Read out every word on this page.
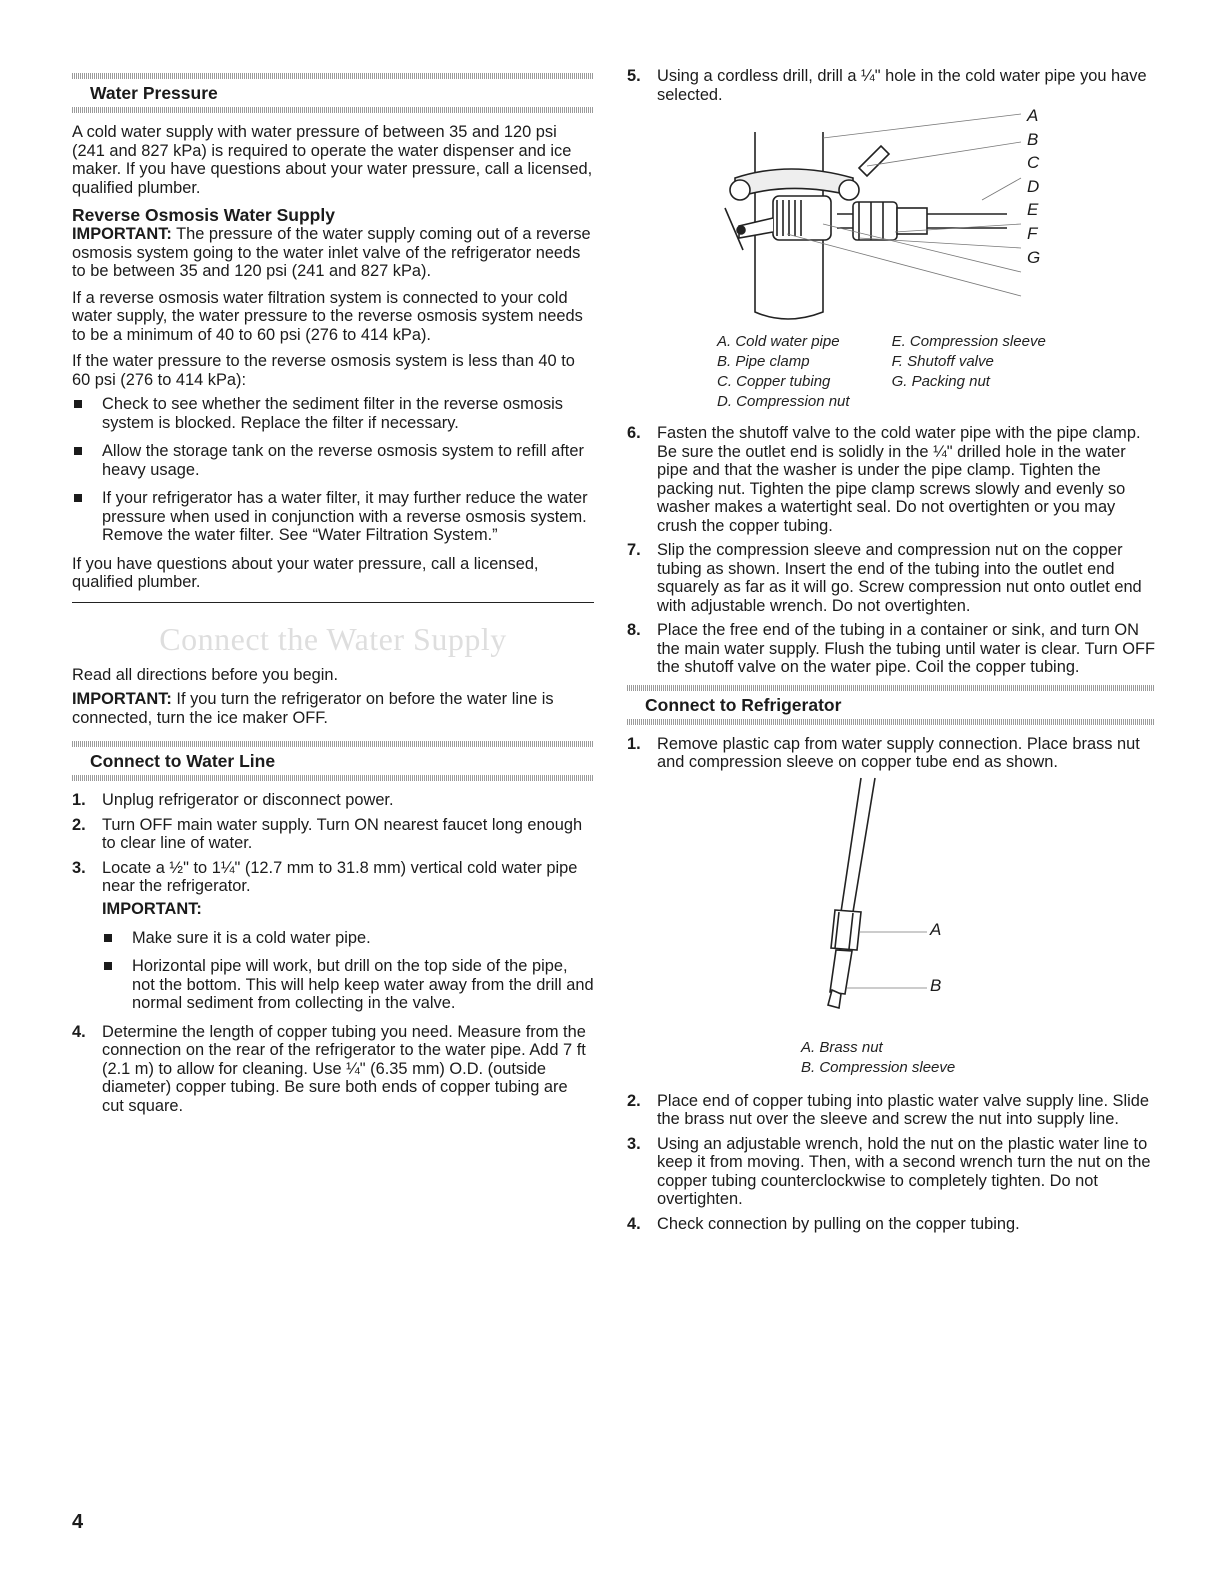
Water Pressure

A cold water supply with water pressure of between 35 and 120 psi (241 and 827 kPa) is required to operate the water dispenser and ice maker. If you have questions about your water pressure, call a licensed, qualified plumber.

Reverse Osmosis Water Supply

IMPORTANT: The pressure of the water supply coming out of a reverse osmosis system going to the water inlet valve of the refrigerator needs to be between 35 and 120 psi (241 and 827 kPa).

If a reverse osmosis water filtration system is connected to your cold water supply, the water pressure to the reverse osmosis system needs to be a minimum of 40 to 60 psi (276 to 414 kPa).

If the water pressure to the reverse osmosis system is less than 40 to 60 psi (276 to 414 kPa):

Check to see whether the sediment filter in the reverse osmosis system is blocked. Replace the filter if necessary.
Allow the storage tank on the reverse osmosis system to refill after heavy usage.
If your refrigerator has a water filter, it may further reduce the water pressure when used in conjunction with a reverse osmosis system. Remove the water filter. See “Water Filtration System.”

If you have questions about your water pressure, call a licensed, qualified plumber.

Connect the Water Supply

Read all directions before you begin.

IMPORTANT: If you turn the refrigerator on before the water line is connected, turn the ice maker OFF.

Connect to Water Line
1. Unplug refrigerator or disconnect power.
2. Turn OFF main water supply. Turn ON nearest faucet long enough to clear line of water.
3. Locate a ½" to 1¼" (12.7 mm to 31.8 mm) vertical cold water pipe near the refrigerator.
IMPORTANT:
Make sure it is a cold water pipe.
Horizontal pipe will work, but drill on the top side of the pipe, not the bottom. This will help keep water away from the drill and normal sediment from collecting in the valve.
4. Determine the length of copper tubing you need. Measure from the connection on the rear of the refrigerator to the water pipe. Add 7 ft (2.1 m) to allow for cleaning. Use ¼" (6.35 mm) O.D. (outside diameter) copper tubing. Be sure both ends of copper tubing are cut square.
5. Using a cordless drill, drill a ¼" hole in the cold water pipe you have selected.
A
B
C
D
E
F
G
A. Cold water pipe
B. Pipe clamp
C. Copper tubing
D. Compression nut
E. Compression sleeve
F. Shutoff valve
G. Packing nut
6. Fasten the shutoff valve to the cold water pipe with the pipe clamp. Be sure the outlet end is solidly in the ¼" drilled hole in the water pipe and that the washer is under the pipe clamp. Tighten the packing nut. Tighten the pipe clamp screws slowly and evenly so washer makes a watertight seal. Do not overtighten or you may crush the copper tubing.
7. Slip the compression sleeve and compression nut on the copper tubing as shown. Insert the end of the tubing into the outlet end squarely as far as it will go. Screw compression nut onto outlet end with adjustable wrench. Do not overtighten.
8. Place the free end of the tubing in a container or sink, and turn ON the main water supply. Flush the tubing until water is clear. Turn OFF the shutoff valve on the water pipe. Coil the copper tubing.
Connect to Refrigerator
1. Remove plastic cap from water supply connection. Place brass nut and compression sleeve on copper tube end as shown.
A
B
A. Brass nut
B. Compression sleeve
2. Place end of copper tubing into plastic water valve supply line. Slide the brass nut over the sleeve and screw the nut into supply line.
3. Using an adjustable wrench, hold the nut on the plastic water line to keep it from moving. Then, with a second wrench turn the nut on the copper tubing counterclockwise to completely tighten. Do not overtighten.
4. Check connection by pulling on the copper tubing.
4
